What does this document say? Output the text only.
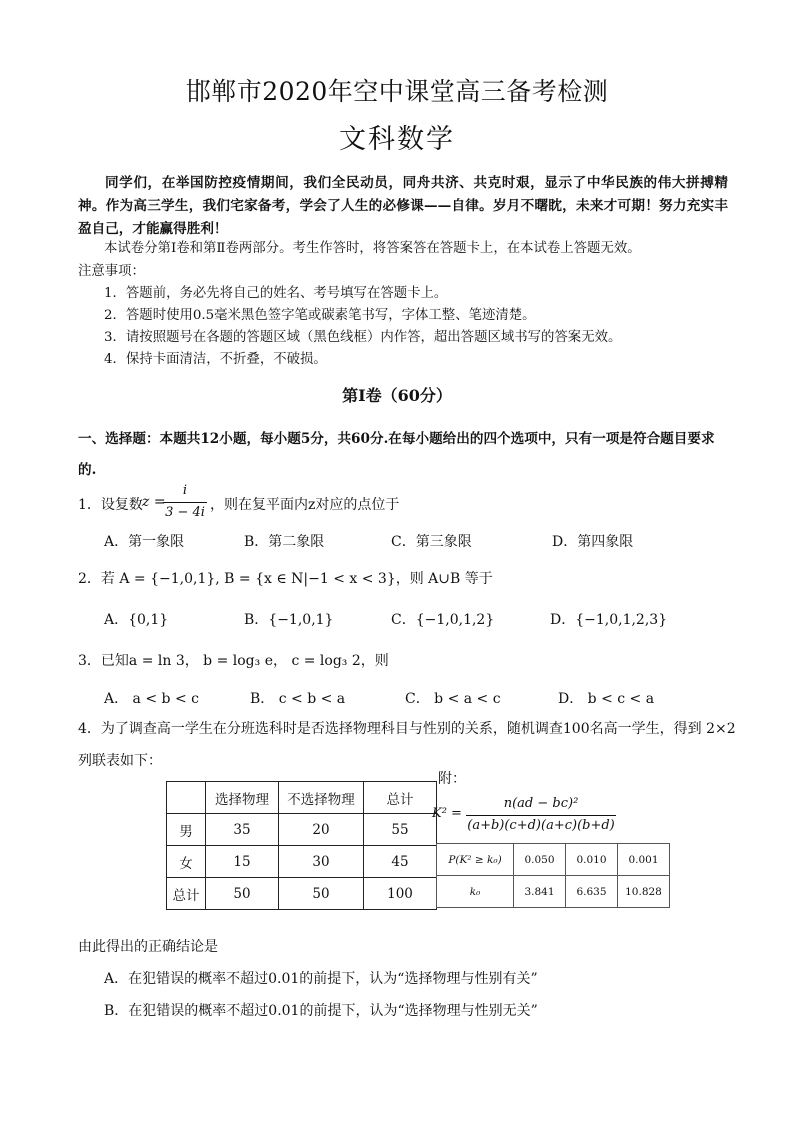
邯郸市2020年空中课堂高三备考检测
文科数学
同学们，在举国防控疫情期间，我们全民动员，同舟共济、共克时艰，显示了中华民族的伟大拼搏精神。作为高三学生，我们宅家备考，学会了人生的必修课——自律。岁月不曙眈，未来才可期！努力充实丰盈自己，才能赢得胜利！
本试卷分第Ⅰ卷和第Ⅱ卷两部分。考生作答时，将答案答在答题卡上，在本试卷上答题无效。
注意事项：
1．答题前，务必先将自己的姓名、考号填写在答题卡上。
2．答题时使用0.5毫米黑色签字笔或碳素笔书写，字体工整、笔迹清楚。
3．请按照题号在各题的答题区域（黑色线框）内作答，超出答题区域书写的答案无效。
4．保持卡面清洁，不折叠，不破损。
第Ⅰ卷（60分）
一、选择题：本题共12小题，每小题5分，共60分.在每小题给出的四个选项中，只有一项是符合题目要求的.
1．设复数 z =
i
3 − 4i ，则在复平面内z对应的点位于
A．第一象限	B．第二象限	C．第三象限	D．第四象限
2．若 A = {−1,0,1}, B = {x ∈ N|−1 < x < 3}，则 A∪B 等于
A．{0,1}	B．{−1,0,1}	C．{−1,0,1,2}	D．{−1,0,1,2,3}
3．已知a = ln 3， b = log₃ e， c = log₃ 2，则
A． a < b < c	B． c < b < a	C． b < a < c	D． b < c < a
4．为了调查高一学生在分班选科时是否选择物理科目与性别的关系，随机调查100名高一学生，得到 2×2
列联表如下：
	选择物理	不选择物理	总计
男	35	20	55
女	15	30	45
总计	50	50	100
附：
K² =
n(ad − bc)²
(a+b)(c+d)(a+c)(b+d)
P(K² ≥ k₀)	0.050	0.010	0.001
k₀	3.841	6.635	10.828
由此得出的正确结论是
A．在犯错误的概率不超过0.01的前提下，认为“选择物理与性别有关”
B．在犯错误的概率不超过0.01的前提下，认为“选择物理与性别无关”
